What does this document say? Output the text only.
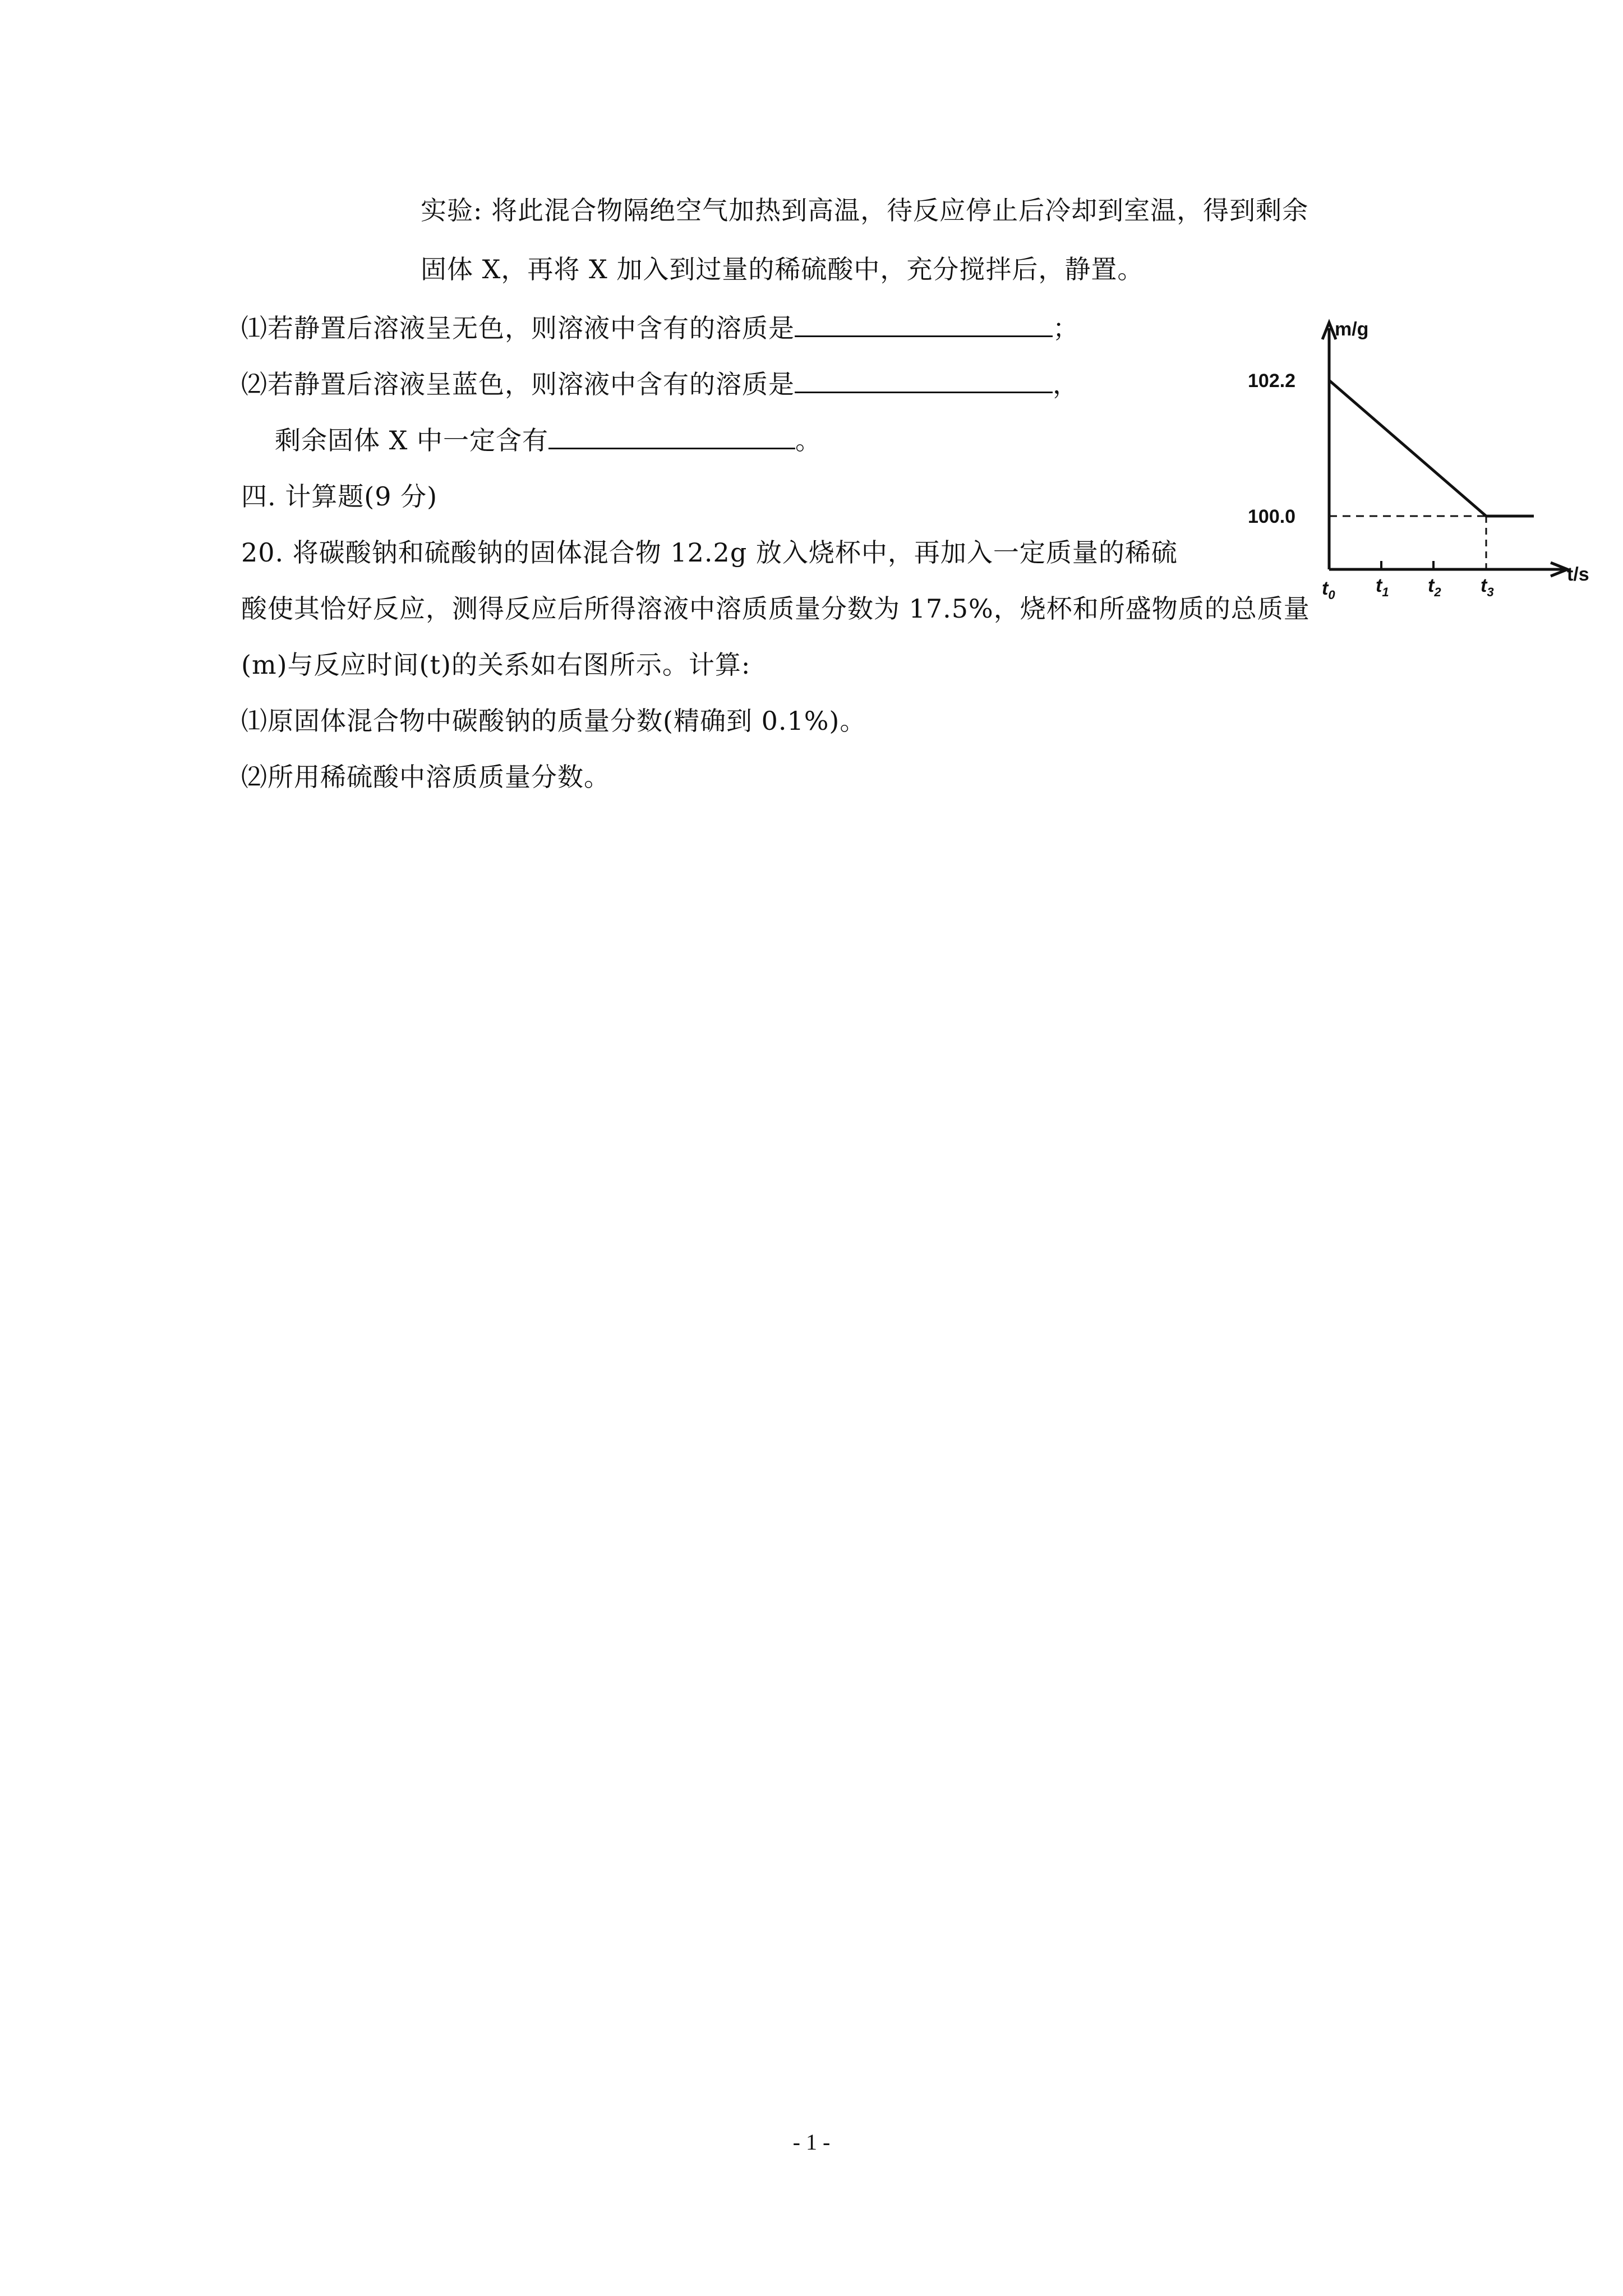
实验: 将此混合物隔绝空气加热到高温，待反应停止后冷却到室温，得到剩余
固体 X，再将 X 加入到过量的稀硫酸中，充分搅拌后，静置。
⑴若静置后溶液呈无色，则溶液中含有的溶质是	；
⑵若静置后溶液呈蓝色，则溶液中含有的溶质是	，
剩余固体 X 中一定含有	。
四. 计算题(9 分)
20. 将碳酸钠和硫酸钠的固体混合物 12.2g 放入烧杯中，再加入一定质量的稀硫
酸使其恰好反应，测得反应后所得溶液中溶质质量分数为 17.5%，烧杯和所盛物质的总质量
(m)与反应时间(t)的关系如右图所示。计算:
⑴原固体混合物中碳酸钠的质量分数(精确到 0.1%)。
⑵所用稀硫酸中溶质质量分数。
m/g
t/s
102.2
100.0
$t_0$ $t_1$ $t_2$ $t_3$
- 1 -
